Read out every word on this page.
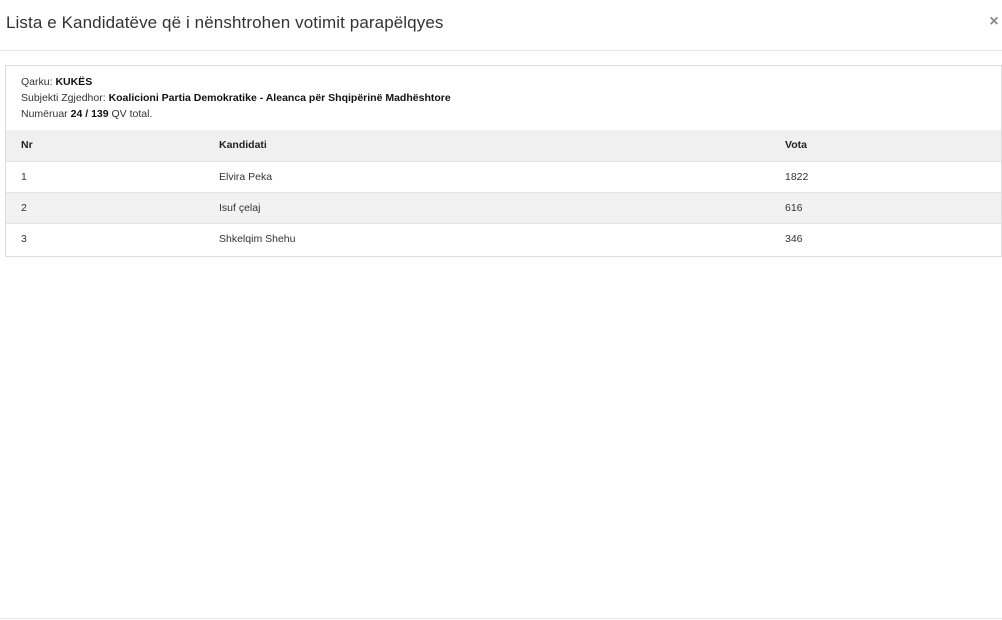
Lista e Kandidatëve që i nënshtrohen votimit parapëlqyes	×
Qarku: KUKËS
Subjekti Zgjedhor: Koalicioni Partia Demokratike - Aleanca për Shqipërinë Madhështore
Numëruar 24 / 139 QV total.
Nr	Kandidati	Vota
1	Elvira Peka	1822
2	Isuf çelaj	616
3	Shkelqim Shehu	346
